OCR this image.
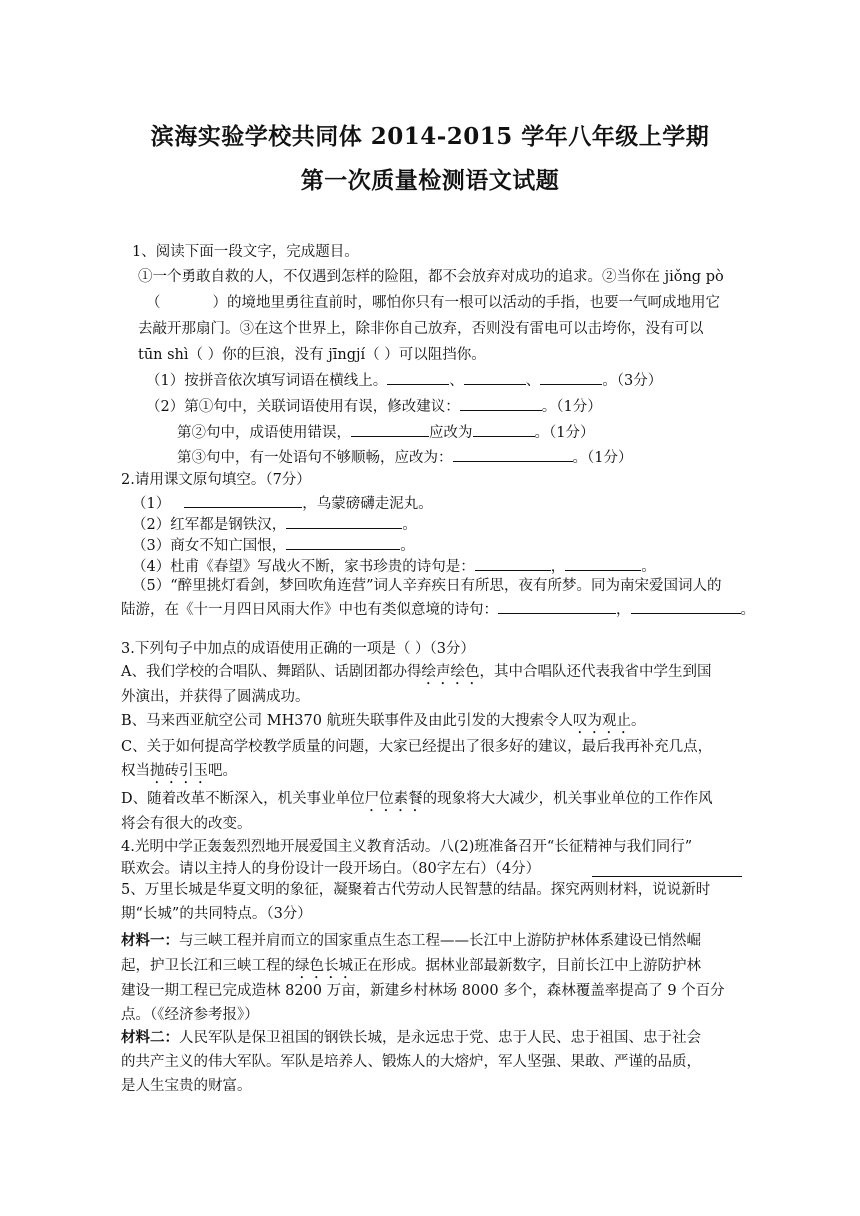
滨海实验学校共同体 2014-2015 学年八年级上学期
第一次质量检测语文试题
1、阅读下面一段文字，完成题目。
①一个勇敢自救的人，不仅遇到怎样的险阻，都不会放弃对成功的追求。②当你在 jiǒng pò
（	）的境地里勇往直前时，哪怕你只有一根可以活动的手指，也要一气呵成地用它
去敲开那扇门。③在这个世界上，除非你自己放弃，否则没有雷电可以击垮你，没有可以
tūn shì（ ）你的巨浪，没有 jīngjí（ ）可以阻挡你。
（1）按拼音依次填写词语在横线上。	、	、	。（3分）
（2）第①句中，关联词语使用有误，修改建议：	。（1分）
第②句中，成语使用错误，	应改为	。（1分）
第③句中，有一处语句不够顺畅，应改为：	。（1分）
2.请用课文原句填空。（7分）
（1）	，乌蒙磅礴走泥丸。
（2）红军都是钢铁汉，	。
（3）商女不知亡国恨，	。
（4）杜甫《春望》写战火不断，家书珍贵的诗句是：	，	。
（5）“醉里挑灯看剑，梦回吹角连营”词人辛弃疾日有所思，夜有所梦。同为南宋爱国词人的
陆游，在《十一月四日风雨大作》中也有类似意境的诗句：	，	。
3.下列句子中加点的成语使用正确的一项是（ ）（3分）
A、我们学校的合唱队、舞蹈队、话剧团都办得绘声绘色，其中合唱队还代表我省中学生到国
外演出，并获得了圆满成功。
B、马来西亚航空公司 MH370 航班失联事件及由此引发的大搜索令人叹为观止。
C、关于如何提高学校教学质量的问题，大家已经提出了很多好的建议，最后我再补充几点，
权当抛砖引玉吧。
D、随着改革不断深入，机关事业单位尸位素餐的现象将大大减少，机关事业单位的工作作风
将会有很大的改变。
4.光明中学正轰轰烈烈地开展爱国主义教育活动。八(2)班准备召开“长征精神与我们同行”
联欢会。请以主持人的身份设计一段开场白。（80字左右）（4分）
5、万里长城是华夏文明的象征，凝聚着古代劳动人民智慧的结晶。探究两则材料，说说新时
期“长城”的共同特点。（3分）
材料一：与三峡工程并肩而立的国家重点生态工程——长江中上游防护林体系建设已悄然崛
起，护卫长江和三峡工程的绿色长城正在形成。据林业部最新数字，目前长江中上游防护林
建设一期工程已完成造林 8200 万亩，新建乡村林场 8000 多个，森林覆盖率提高了 9 个百分
点。（《经济参考报》）
材料二：人民军队是保卫祖国的钢铁长城，是永远忠于党、忠于人民、忠于祖国、忠于社会
的共产主义的伟大军队。军队是培养人、锻炼人的大熔炉，军人坚强、果敢、严谨的品质，
是人生宝贵的财富。
